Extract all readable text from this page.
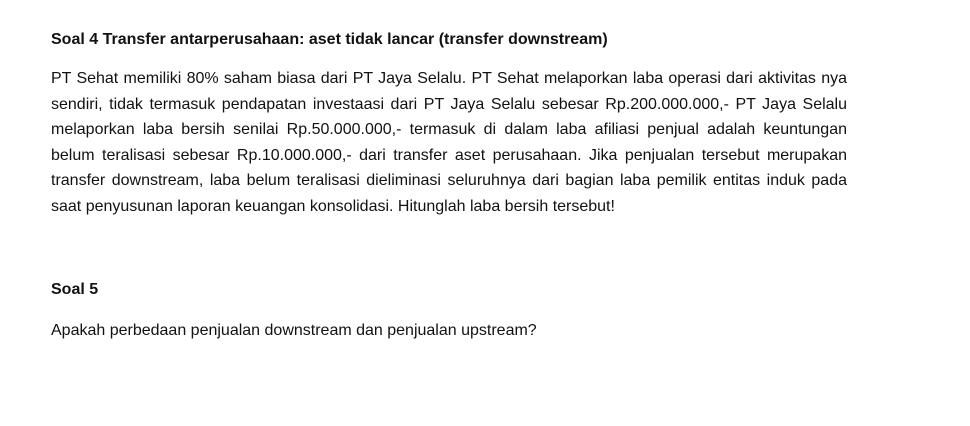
Soal 4 Transfer antarperusahaan: aset tidak lancar (transfer downstream)

PT Sehat memiliki 80% saham biasa dari PT Jaya Selalu. PT Sehat melaporkan laba operasi dari aktivitas nya sendiri, tidak termasuk pendapatan investaasi dari PT Jaya Selalu sebesar Rp.200.000.000,- PT Jaya Selalu melaporkan laba bersih senilai Rp.50.000.000,- termasuk di dalam laba afiliasi penjual adalah keuntungan belum teralisasi sebesar Rp.10.000.000,- dari transfer aset perusahaan. Jika penjualan tersebut merupakan transfer downstream, laba belum teralisasi dieliminasi seluruhnya dari bagian laba pemilik entitas induk pada saat penyusunan laporan keuangan konsolidasi. Hitunglah laba bersih tersebut!

Soal 5

Apakah perbedaan penjualan downstream dan penjualan upstream?
